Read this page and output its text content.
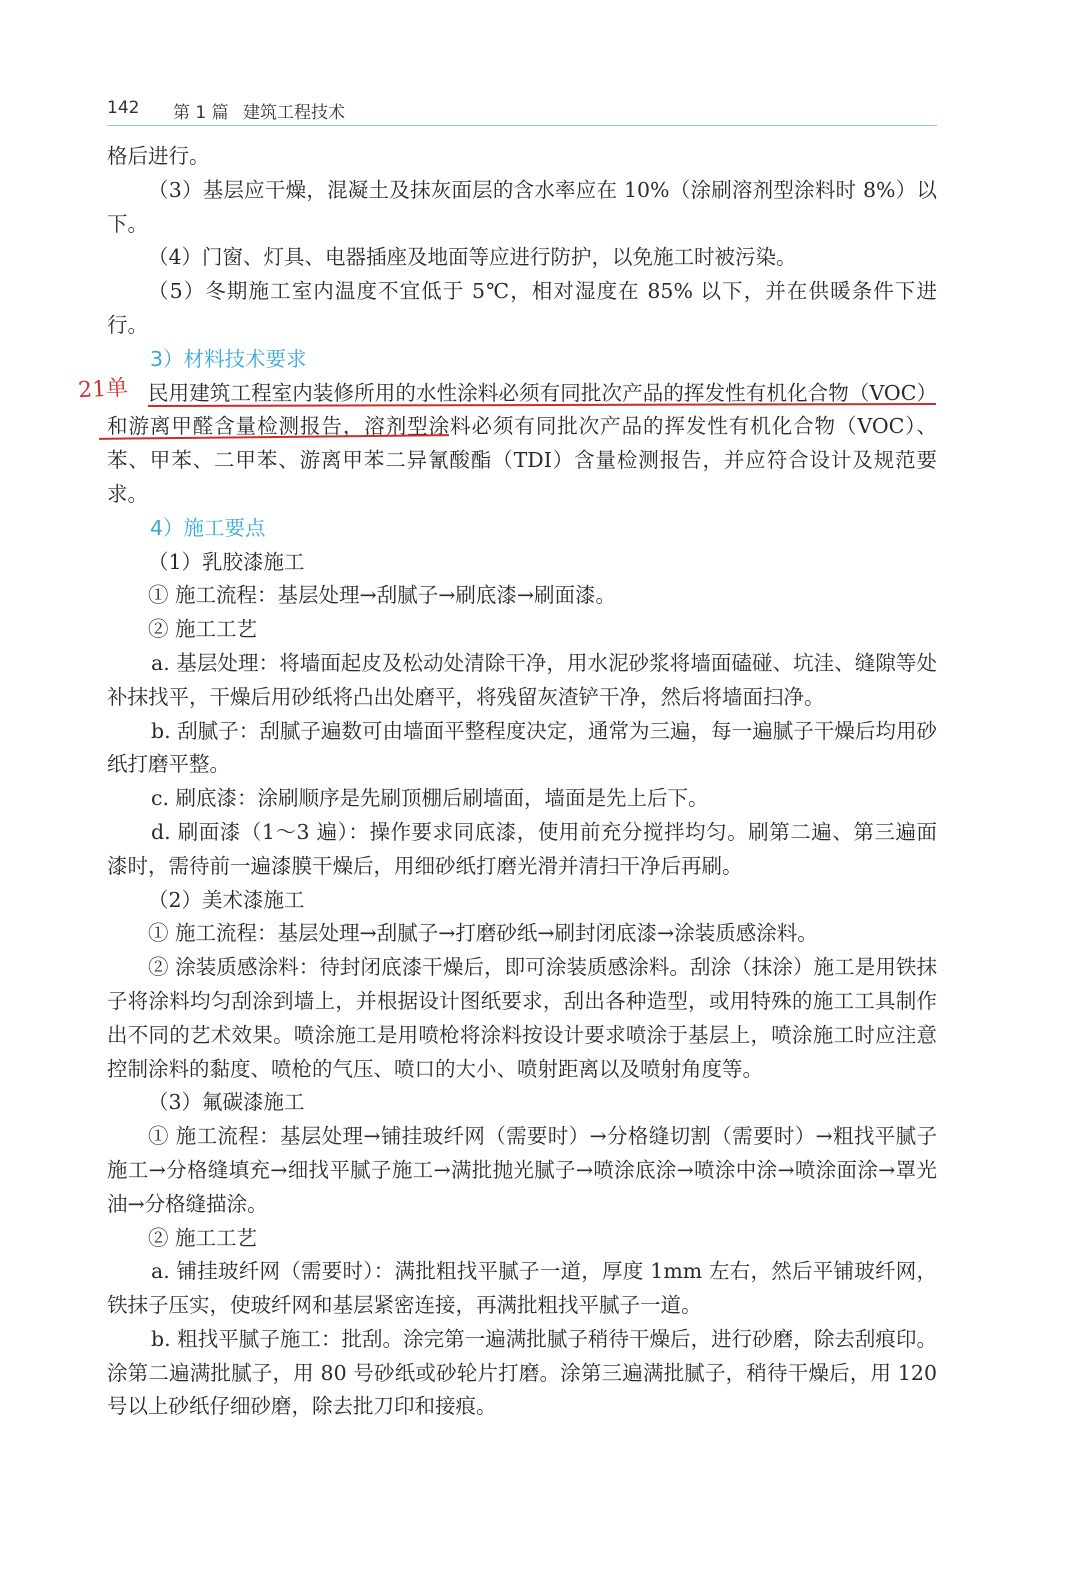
142 第 1 篇 建筑工程技术

格后进行。

（3）基层应干燥，混凝土及抹灰面层的含水率应在 10%（涂刷溶剂型涂料时 8%）以下。

（4）门窗、灯具、电器插座及地面等应进行防护，以免施工时被污染。

（5）冬期施工室内温度不宜低于 5℃，相对湿度在 85% 以下，并在供暖条件下进行。

3）材料技术要求

民用建筑工程室内装修所用的水性涂料必须有同批次产品的挥发性有机化合物（VOC）和游离甲醛含量检测报告，溶剂型涂料必须有同批次产品的挥发性有机化合物（VOC）、苯、甲苯、二甲苯、游离甲苯二异氰酸酯（TDI）含量检测报告，并应符合设计及规范要求。

4）施工要点

（1）乳胶漆施工

① 施工流程：基层处理→刮腻子→刷底漆→刷面漆。

② 施工工艺

a. 基层处理：将墙面起皮及松动处清除干净，用水泥砂浆将墙面磕碰、坑洼、缝隙等处补抹找平，干燥后用砂纸将凸出处磨平，将残留灰渣铲干净，然后将墙面扫净。

b. 刮腻子：刮腻子遍数可由墙面平整程度决定，通常为三遍，每一遍腻子干燥后均用砂纸打磨平整。

c. 刷底漆：涂刷顺序是先刷顶棚后刷墙面，墙面是先上后下。

d. 刷面漆（1～3 遍）：操作要求同底漆，使用前充分搅拌均匀。刷第二遍、第三遍面漆时，需待前一遍漆膜干燥后，用细砂纸打磨光滑并清扫干净后再刷。

（2）美术漆施工

① 施工流程：基层处理→刮腻子→打磨砂纸→刷封闭底漆→涂装质感涂料。

② 涂装质感涂料：待封闭底漆干燥后，即可涂装质感涂料。刮涂（抹涂）施工是用铁抹子将涂料均匀刮涂到墙上，并根据设计图纸要求，刮出各种造型，或用特殊的施工工具制作出不同的艺术效果。喷涂施工是用喷枪将涂料按设计要求喷涂于基层上，喷涂施工时应注意控制涂料的黏度、喷枪的气压、喷口的大小、喷射距离以及喷射角度等。

（3）氟碳漆施工

① 施工流程：基层处理→铺挂玻纤网（需要时）→分格缝切割（需要时）→粗找平腻子施工→分格缝填充→细找平腻子施工→满批抛光腻子→喷涂底涂→喷涂中涂→喷涂面涂→罩光油→分格缝描涂。

② 施工工艺

a. 铺挂玻纤网（需要时）：满批粗找平腻子一道，厚度 1mm 左右，然后平铺玻纤网，铁抹子压实，使玻纤网和基层紧密连接，再满批粗找平腻子一道。

b. 粗找平腻子施工：批刮。涂完第一遍满批腻子稍待干燥后，进行砂磨，除去刮痕印。涂第二遍满批腻子，用 80 号砂纸或砂轮片打磨。涂第三遍满批腻子，稍待干燥后，用 120 号以上砂纸仔细砂磨，除去批刀印和接痕。

21单
